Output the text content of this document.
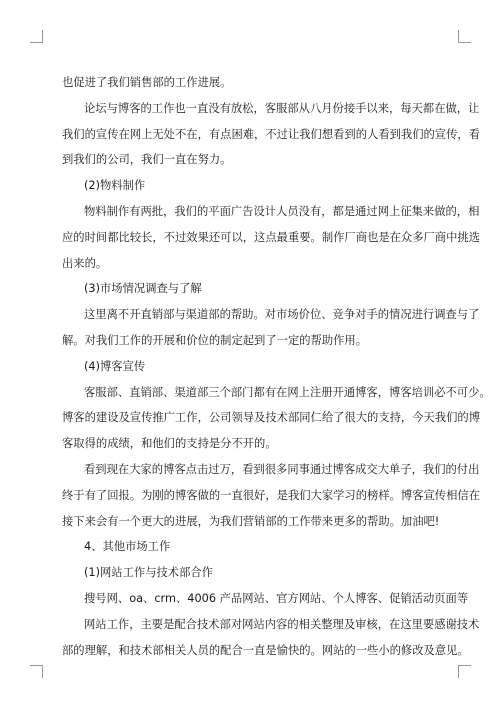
也促进了我们销售部的工作进展。
论坛与博客的工作也一直没有放松，客服部从八月份接手以来，每天都在做，让
我们的宣传在网上无处不在，有点困难，不过让我们想看到的人看到我们的宣传，看
到我们的公司，我们一直在努力。
(2)物料制作
物料制作有两批，我们的平面广告设计人员没有，都是通过网上征集来做的，相
应的时间都比较长，不过效果还可以，这点最重要。制作厂商也是在众多厂商中挑选
出来的。
(3)市场情况调查与了解
这里离不开直销部与渠道部的帮助。对市场价位、竞争对手的情况进行调查与了
解。对我们工作的开展和价位的制定起到了一定的帮助作用。
(4)博客宣传
客服部、直销部、渠道部三个部门都有在网上注册开通博客，博客培训必不可少。
博客的建设及宣传推广工作，公司领导及技术部同仁给了很大的支持，今天我们的博
客取得的成绩，和他们的支持是分不开的。
看到现在大家的博客点击过万，看到很多同事通过博客成交大单子，我们的付出
终于有了回报。为刚的博客做的一直很好，是我们大家学习的榜样。博客宣传相信在
接下来会有一个更大的进展，为我们营销部的工作带来更多的帮助。加油吧!
4、其他市场工作
(1)网站工作与技术部合作
搜号网、oa、crm、4006 产品网站、官方网站、个人博客、促销活动页面等
网站工作，主要是配合技术部对网站内容的相关整理及审核，在这里要感谢技术
部的理解，和技术部相关人员的配合一直是愉快的。网站的一些小的修改及意见。
